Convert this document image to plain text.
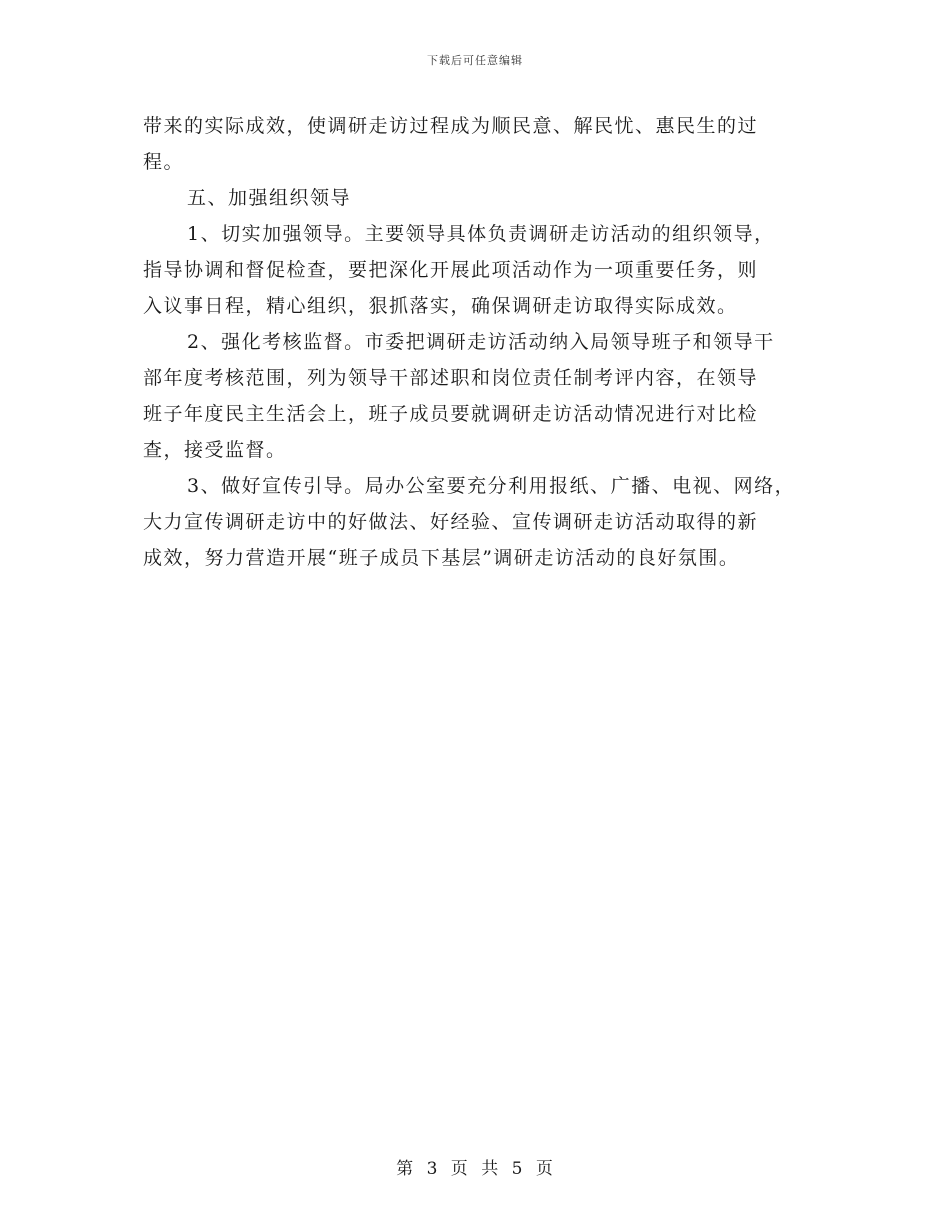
下载后可任意编辑
带来的实际成效，使调研走访过程成为顺民意、解民忧、惠民生的过
程。
五、加强组织领导
1、切实加强领导。主要领导具体负责调研走访活动的组织领导，
指导协调和督促检查，要把深化开展此项活动作为一项重要任务，则
入议事日程，精心组织，狠抓落实，确保调研走访取得实际成效。
2、强化考核监督。市委把调研走访活动纳入局领导班子和领导干
部年度考核范围，列为领导干部述职和岗位责任制考评内容，在领导
班子年度民主生活会上，班子成员要就调研走访活动情况进行对比检
查，接受监督。
3、做好宣传引导。局办公室要充分利用报纸、广播、电视、网络，
大力宣传调研走访中的好做法、好经验、宣传调研走访活动取得的新
成效，努力营造开展“班子成员下基层”调研走访活动的良好氛围。
第 3 页 共 5 页
